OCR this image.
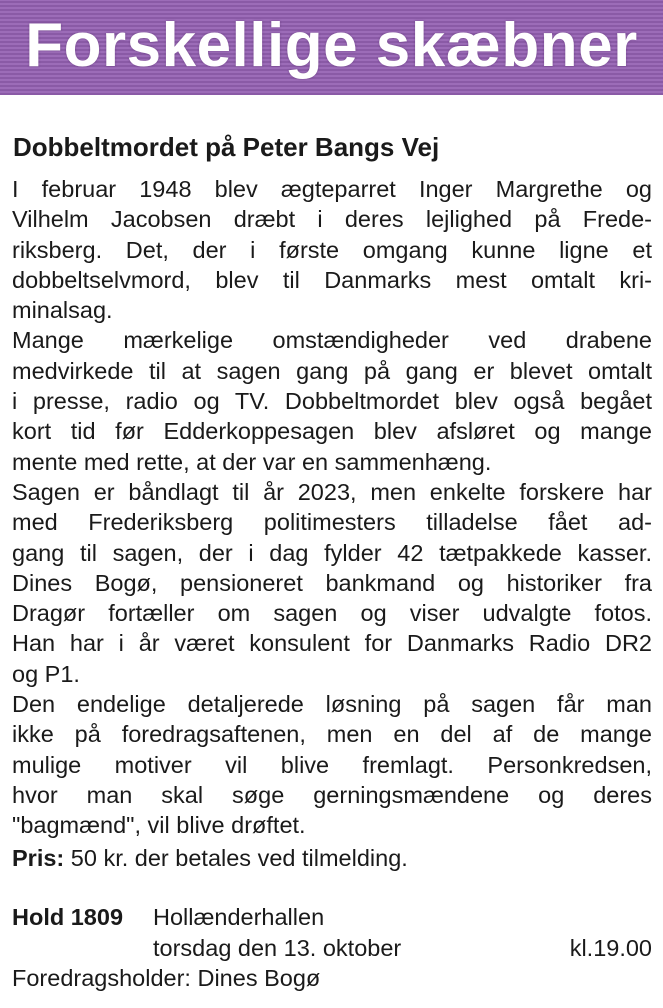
Forskellige skæbner
Dobbeltmordet på Peter Bangs Vej
I februar 1948 blev ægteparret Inger Margrethe og
Vilhelm Jacobsen dræbt i deres lejlighed på Frede-
riksberg. Det, der i første omgang kunne ligne et
dobbeltselvmord, blev til Danmarks mest omtalt kri-
minalsag.
Mange mærkelige omstændigheder ved drabene
medvirkede til at sagen gang på gang er blevet omtalt
i presse, radio og TV. Dobbeltmordet blev også begået
kort tid før Edderkoppesagen blev afsløret og mange
mente med rette, at der var en sammenhæng.
Sagen er båndlagt til år 2023, men enkelte forskere har
med Frederiksberg politimesters tilladelse fået ad-
gang til sagen, der i dag fylder 42 tætpakkede kasser.
Dines Bogø, pensioneret bankmand og historiker fra
Dragør fortæller om sagen og viser udvalgte fotos.
Han har i år været konsulent for Danmarks Radio DR2
og P1.
Den endelige detaljerede løsning på sagen får man
ikke på foredragsaftenen, men en del af de mange
mulige motiver vil blive fremlagt. Personkredsen,
hvor man skal søge gerningsmændene og deres
"bagmænd", vil blive drøftet.
Pris: 50 kr. der betales ved tilmelding.
Hold 1809 Hollænderhallen
torsdag den 13. oktober	kl.19.00
Foredragsholder: Dines Bogø
